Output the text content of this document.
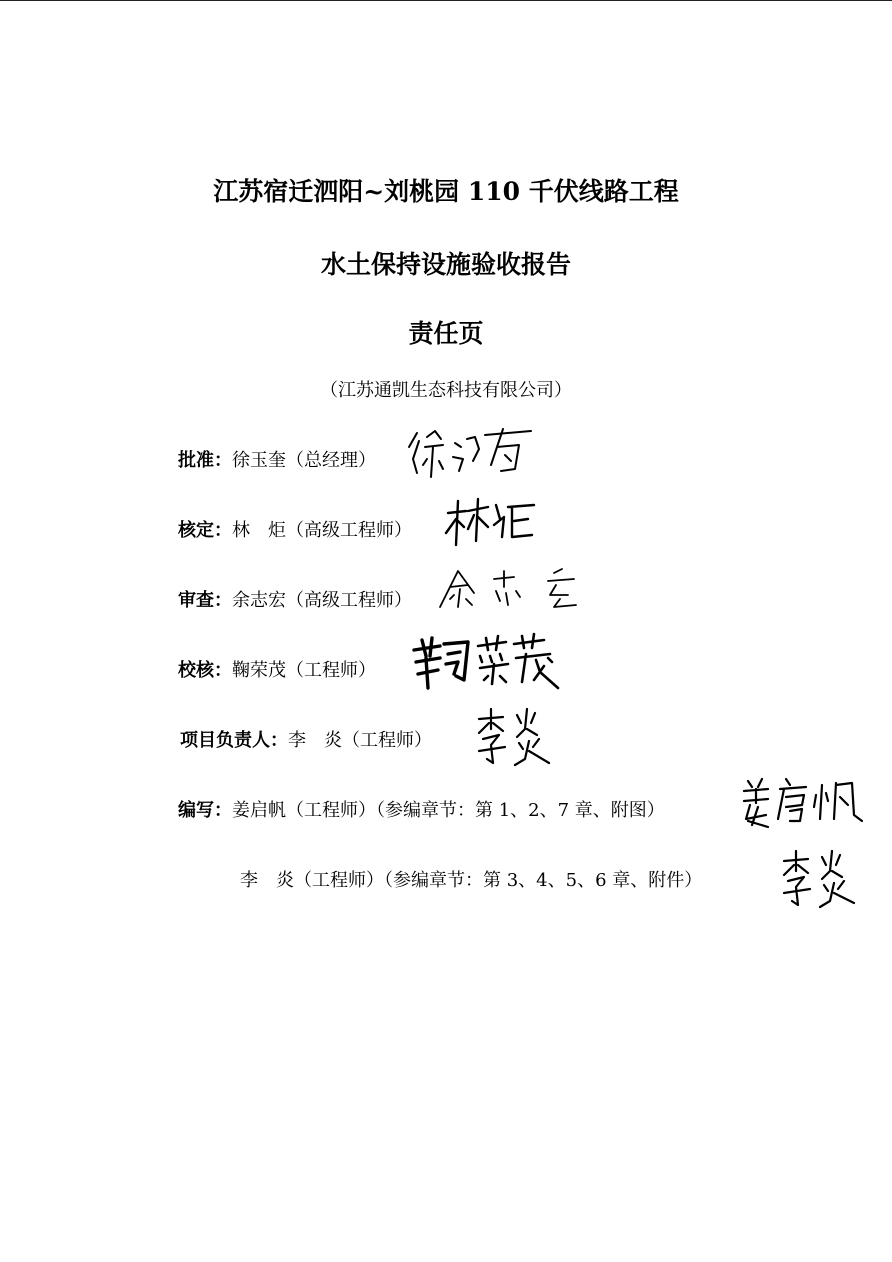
江苏宿迁泗阳~刘桃园 110 千伏线路工程
水土保持设施验收报告
责任页
（江苏通凯生态科技有限公司）
批准：徐玉奎（总经理）
核定：林　炬（高级工程师）
审查：余志宏（高级工程师）
校核：鞠荣茂（工程师）
项目负责人：李　炎（工程师）
编写：姜启帆（工程师）（参编章节：第 1、2、7 章、附图）
李　炎（工程师）（参编章节：第 3、4、5、6 章、附件）
